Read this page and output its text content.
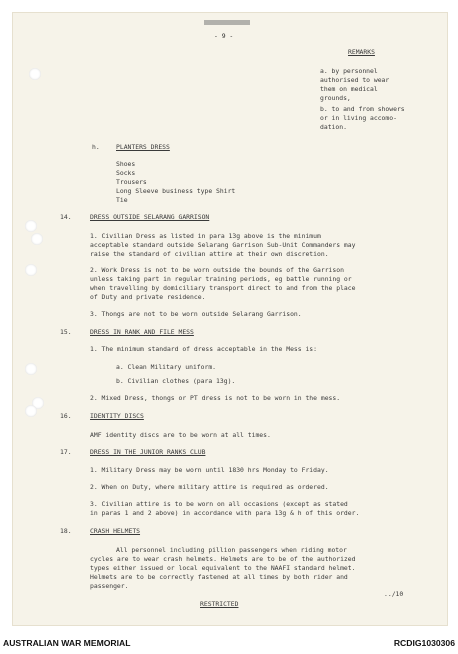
- 9 -
REMARKS
a. by personnel
authorised to wear
them on medical
grounds,
b. to and from showers
or in living accomo-
dation.
h.	PLANTERS DRESS
Shoes
Socks
Trousers
Long Sleeve business type Shirt
Tie
14.	DRESS OUTSIDE SELARANG GARRISON
1. Civilian Dress as listed in para 13g above is the minimum
acceptable standard outside Selarang Garrison Sub-Unit Commanders may
raise the standard of civilian attire at their own discretion.
2. Work Dress is not to be worn outside the bounds of the Garrison
unless taking part in regular training periods, eg battle running or
when travelling by domiciliary transport direct to and from the place
of Duty and private residence.
3. Thongs are not to be worn outside Selarang Garrison.
15.	DRESS IN RANK AND FILE MESS
1. The minimum standard of dress acceptable in the Mess is:
a. Clean Military uniform.
b. Civilian clothes (para 13g).
2. Mixed Dress, thongs or PT dress is not to be worn in the mess.
16.	IDENTITY DISCS
AMF identity discs are to be worn at all times.
17.	DRESS IN THE JUNIOR RANKS CLUB
1. Military Dress may be worn until 1830 hrs Monday to Friday.
2. When on Duty, where military attire is required as ordered.
3. Civilian attire is to be worn on all occasions (except as stated
in paras 1 and 2 above) in accordance with para 13g & h of this order.
18.	CRASH HELMETS
All personnel including pillion passengers when riding motor
cycles are to wear crash helmets. Helmets are to be of the authorized
types either issued or local equivalent to the NAAFI standard helmet.
Helmets are to be correctly fastened at all times by both rider and
passenger.
../10
RESTRICTED
AUSTRALIAN WAR MEMORIAL	RCDIG1030306
